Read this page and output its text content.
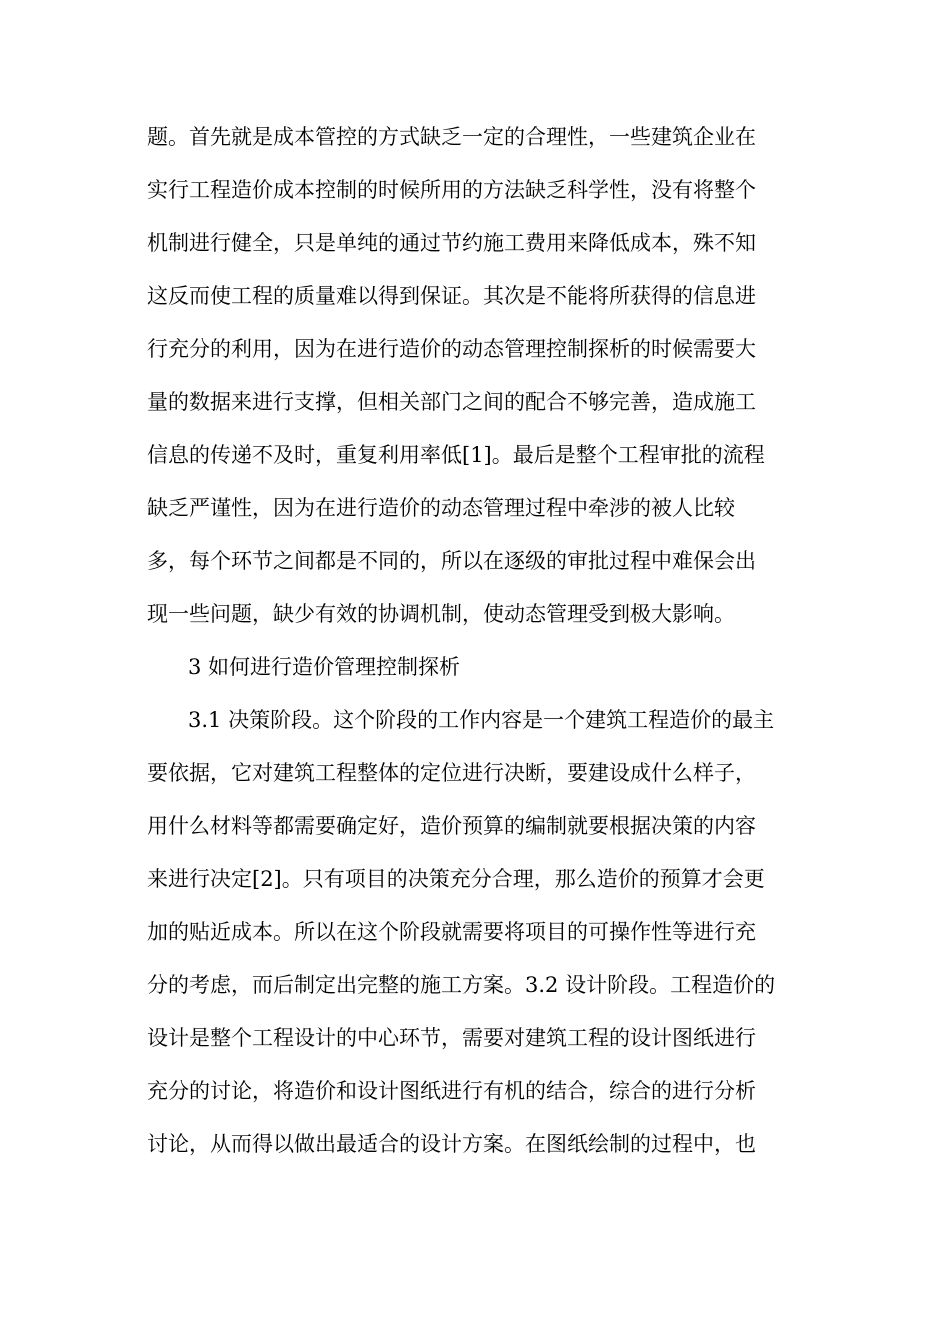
题。首先就是成本管控的方式缺乏一定的合理性，一些建筑企业在
实行工程造价成本控制的时候所用的方法缺乏科学性，没有将整个
机制进行健全，只是单纯的通过节约施工费用来降低成本，殊不知
这反而使工程的质量难以得到保证。其次是不能将所获得的信息进
行充分的利用，因为在进行造价的动态管理控制探析的时候需要大
量的数据来进行支撑，但相关部门之间的配合不够完善，造成施工
信息的传递不及时，重复利用率低[1]。最后是整个工程审批的流程
缺乏严谨性，因为在进行造价的动态管理过程中牵涉的被人比较
多，每个环节之间都是不同的，所以在逐级的审批过程中难保会出
现一些问题，缺少有效的协调机制，使动态管理受到极大影响。
3 如何进行造价管理控制探析
3.1 决策阶段。这个阶段的工作内容是一个建筑工程造价的最主
要依据，它对建筑工程整体的定位进行决断，要建设成什么样子，
用什么材料等都需要确定好，造价预算的编制就要根据决策的内容
来进行决定[2]。只有项目的决策充分合理，那么造价的预算才会更
加的贴近成本。所以在这个阶段就需要将项目的可操作性等进行充
分的考虑，而后制定出完整的施工方案。3.2 设计阶段。工程造价的
设计是整个工程设计的中心环节，需要对建筑工程的设计图纸进行
充分的讨论，将造价和设计图纸进行有机的结合，综合的进行分析
讨论，从而得以做出最适合的设计方案。在图纸绘制的过程中，也
